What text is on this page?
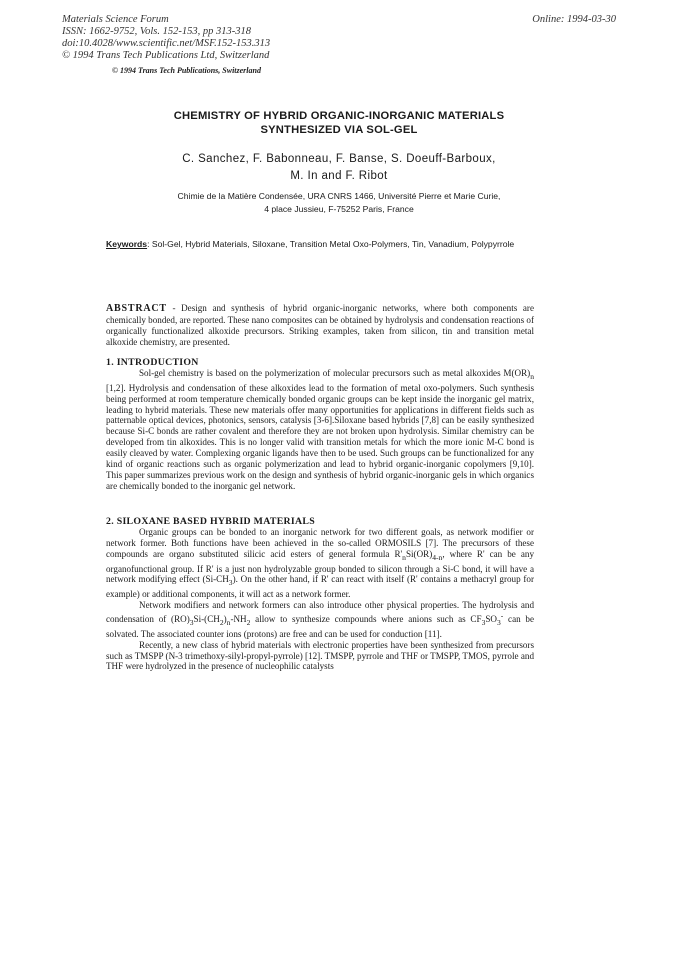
Materials Science Forum
ISSN: 1662-9752, Vols. 152-153, pp 313-318
doi:10.4028/www.scientific.net/MSF.152-153.313
© 1994 Trans Tech Publications Ltd, Switzerland
Online: 1994-03-30
© 1994 Trans Tech Publications, Switzerland
CHEMISTRY OF HYBRID ORGANIC-INORGANIC MATERIALS
SYNTHESIZED VIA SOL-GEL
C. Sanchez, F. Babonneau, F. Banse, S. Doeuff-Barboux,
M. In and F. Ribot
Chimie de la Matière Condensée, URA CNRS 1466, Université Pierre et Marie Curie,
4 place Jussieu, F-75252 Paris, France
Keywords: Sol-Gel, Hybrid Materials, Siloxane, Transition Metal Oxo-Polymers, Tin, Vanadium, Polypyrrole
ABSTRACT - Design and synthesis of hybrid organic-inorganic networks, where both components are chemically bonded, are reported. These nano composites can be obtained by hydrolysis and condensation reactions of organically functionalized alkoxide precursors. Striking examples, taken from silicon, tin and transition metal alkoxide chemistry, are presented.
1. INTRODUCTION

Sol-gel chemistry is based on the polymerization of molecular precursors such as metal alkoxides $M(OR)_n$ [1,2]. Hydrolysis and condensation of these alkoxides lead to the formation of metal oxo-polymers. Such synthesis being performed at room temperature chemically bonded organic groups can be kept inside the inorganic gel matrix, leading to hybrid materials. These new materials offer many opportunities for applications in different fields such as patternable optical devices, photonics, sensors, catalysis [3-6].Siloxane based hybrids [7,8] can be easily synthesized because Si-C bonds are rather covalent and therefore they are not broken upon hydrolysis. Similar chemistry can be developed from tin alkoxides. This is no longer valid with transition metals for which the more ionic M-C bond is easily cleaved by water. Complexing organic ligands have then to be used. Such groups can be functionalized for any kind of organic reactions such as organic polymerization and lead to hybrid organic-inorganic copolymers [9,10]. This paper summarizes previous work on the design and synthesis of hybrid organic-inorganic gels in which organics are chemically bonded to the inorganic gel network.

2. SILOXANE BASED HYBRID MATERIALS

Organic groups can be bonded to an inorganic network for two different goals, as network modifier or network former. Both functions have been achieved in the so-called ORMOSILS [7]. The precursors of these compounds are organo substituted silicic acid esters of general formula $R'_nSi(OR)_{4-n}$, where R' can be any organofunctional group. If R' is a just non hydrolyzable group bonded to silicon through a Si-C bond, it will have a network modifying effect $(Si-CH_3)$. On the other hand, if R' can react with itself (R' contains a methacryl group for example) or additional components, it will act as a network former.

Network modifiers and network formers can also introduce other physical properties. The hydrolysis and condensation of $(RO)_3Si-(CH_2)_n-NH_2$ allow to synthesize compounds where anions such as $CF_3SO_3^-$ can be solvated. The associated counter ions (protons) are free and can be used for conduction [11].

Recently, a new class of hybrid materials with electronic properties have been synthesized from precursors such as TMSPP (N-3 trimethoxy-silyl-propyl-pyrrole) [12]. TMSPP, pyrrole and THF or TMSPP, TMOS, pyrrole and THF were hydrolyzed in the presence of nucleophilic catalysts
